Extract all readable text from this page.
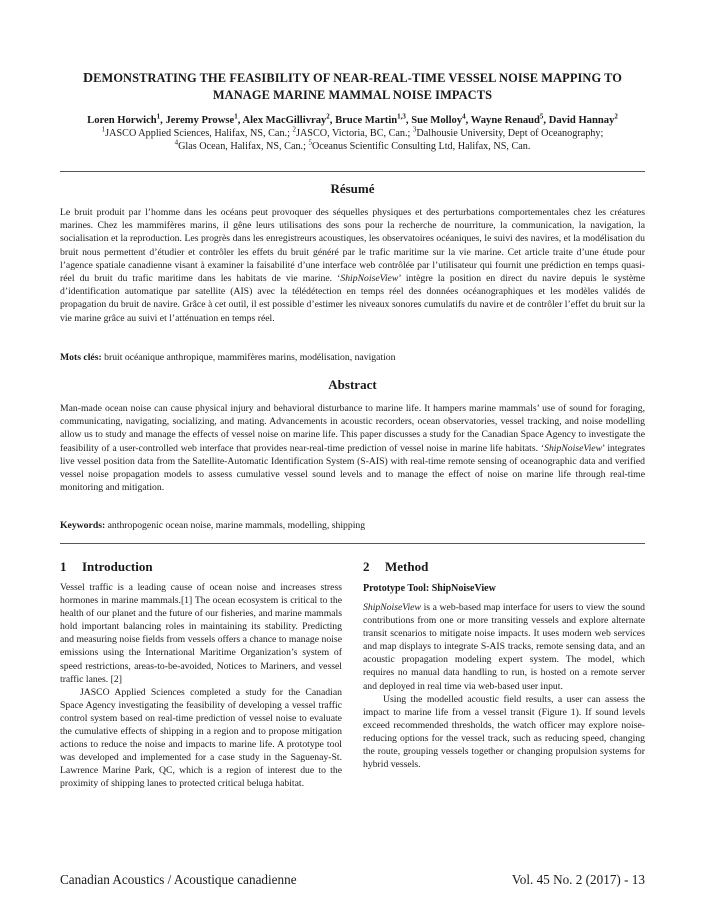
DEMONSTRATING THE FEASIBILITY OF NEAR-REAL-TIME VESSEL NOISE MAPPING TO
MANAGE MARINE MAMMAL NOISE IMPACTS
Loren Horwich$^1$, Jeremy Prowse$^1$, Alex MacGillivray$^2$, Bruce Martin$^{1,3}$, Sue Molloy$^4$, Wayne Renaud$^5$, David Hannay$^2$
$^1$JASCO Applied Sciences, Halifax, NS, Can.; $^2$JASCO, Victoria, BC, Can.; $^3$Dalhousie University, Dept of Oceanography;
$^4$Glas Ocean, Halifax, NS, Can.; $^5$Oceanus Scientific Consulting Ltd, Halifax, NS, Can.
Résumé
Le bruit produit par l’homme dans les océans peut provoquer des séquelles physiques et des perturbations comportementales chez les créatures marines. Chez les mammifères marins, il gêne leurs utilisations des sons pour la recherche de nourriture, la communication, la navigation, la socialisation et la reproduction. Les progrès dans les enregistreurs acoustiques, les observatoires océaniques, le suivi des navires, et la modélisation du bruit nous permettent d’étudier et contrôler les effets du bruit généré par le trafic maritime sur la vie marine. Cet article traite d’une étude pour l’agence spatiale canadienne visant à examiner la faisabilité d’une interface web contrôlée par l’utilisateur qui fournit une prédiction en temps quasi-réel du bruit du trafic maritime dans les habitats de vie marine. ‘ShipNoiseView’ intègre la position en direct du navire depuis le système d’identification automatique par satellite (AIS) avec la télédétection en temps réel des données océanographiques et les modèles validés de propagation du bruit de navire. Grâce à cet outil, il est possible d’estimer les niveaux sonores cumulatifs du navire et de contrôler l’effet du bruit sur la vie marine grâce au suivi et l’atténuation en temps réel.
Mots clés: bruit océanique anthropique, mammifères marins, modélisation, navigation
Abstract
Man-made ocean noise can cause physical injury and behavioral disturbance to marine life. It hampers marine mammals’ use of sound for foraging, communicating, navigating, socializing, and mating. Advancements in acoustic recorders, ocean observatories, vessel tracking, and noise modelling allow us to study and manage the effects of vessel noise on marine life. This paper discusses a study for the Canadian Space Agency to investigate the feasibility of a user-controlled web interface that provides near-real-time prediction of vessel noise in marine life habitats. ‘ShipNoiseView’ integrates live vessel position data from the Satellite-Automatic Identification System (S-AIS) with real-time remote sensing of oceanographic data and verified vessel noise propagation models to assess cumulative vessel sound levels and to manage the effect of noise on marine life through real-time monitoring and mitigation.
Keywords: anthropogenic ocean noise, marine mammals, modelling, shipping
1 Introduction

Vessel traffic is a leading cause of ocean noise and increases stress hormones in marine mammals.[1] The ocean ecosystem is critical to the health of our planet and the future of our fisheries, and marine mammals hold important balancing roles in maintaining its stability. Predicting and measuring noise fields from vessels offers a chance to manage noise emissions using the International Maritime Organization’s system of speed restrictions, areas-to-be-avoided, Notices to Mariners, and vessel traffic lanes. [2]

JASCO Applied Sciences completed a study for the Canadian Space Agency investigating the feasibility of developing a vessel traffic control system based on real-time prediction of vessel noise to evaluate the cumulative effects of shipping in a region and to propose mitigation actions to reduce the noise and impacts to marine life. A prototype tool was developed and implemented for a case study in the Saguenay-St. Lawrence Marine Park, QC, which is a region of interest due to the proximity of shipping lanes to protected critical beluga habitat.

2 Method
Prototype Tool: ShipNoiseView

ShipNoiseView is a web-based map interface for users to view the sound contributions from one or more transiting vessels and explore alternate transit scenarios to mitigate noise impacts. It uses modern web services and map displays to integrate S-AIS tracks, remote sensing data, and an acoustic propagation modeling expert system. The model, which requires no manual data handling to run, is hosted on a remote server and deployed in real time via web-based user input.

Using the modelled acoustic field results, a user can assess the impact to marine life from a vessel transit (Figure 1). If sound levels exceed recommended thresholds, the watch officer may explore noise-reducing options for the vessel track, such as reducing speed, changing the route, grouping vessels together or changing propulsion systems for hybrid vessels.

Canadian Acoustics / Acoustique canadienne	Vol. 45 No. 2 (2017) - 13
